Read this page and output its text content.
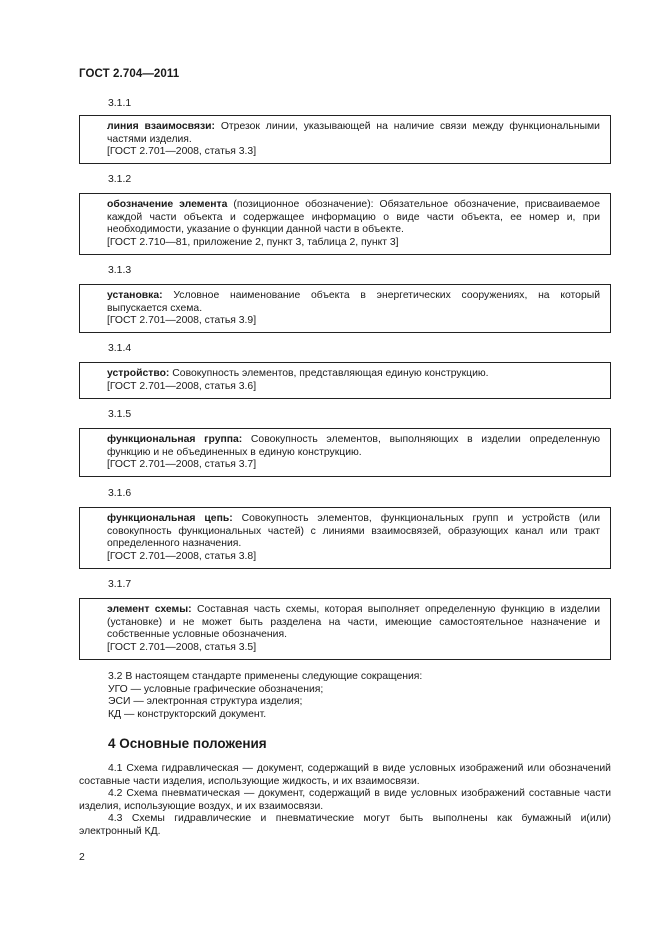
ГОСТ 2.704—2011
3.1.1

линия взаимосвязи: Отрезок линии, указывающей на наличие связи между функциональными частями изделия.

[ГОСТ 2.701—2008, статья 3.3]

3.1.2

обозначение элемента (позиционное обозначение): Обязательное обозначение, присваиваемое каждой части объекта и содержащее информацию о виде части объекта, ее номер и, при необходимости, указание о функции данной части в объекте.

[ГОСТ 2.710—81, приложение 2, пункт 3, таблица 2, пункт 3]

3.1.3

установка: Условное наименование объекта в энергетических сооружениях, на который выпускается схема.

[ГОСТ 2.701—2008, статья 3.9]

3.1.4

устройство: Совокупность элементов, представляющая единую конструкцию.

[ГОСТ 2.701—2008, статья 3.6]

3.1.5

функциональная группа: Совокупность элементов, выполняющих в изделии определенную функцию и не объединенных в единую конструкцию.

[ГОСТ 2.701—2008, статья 3.7]

3.1.6

функциональная цепь: Совокупность элементов, функциональных групп и устройств (или совокупность функциональных частей) с линиями взаимосвязей, образующих канал или тракт определенного назначения.

[ГОСТ 2.701—2008, статья 3.8]

3.1.7

элемент схемы: Составная часть схемы, которая выполняет определенную функцию в изделии (установке) и не может быть разделена на части, имеющие самостоятельное назначение и собственные условные обозначения.

[ГОСТ 2.701—2008, статья 3.5]

3.2 В настоящем стандарте применены следующие сокращения:

УГО — условные графические обозначения;

ЭСИ — электронная структура изделия;

КД — конструкторский документ.

4 Основные положения

4.1 Схема гидравлическая — документ, содержащий в виде условных изображений или обозначений составные части изделия, использующие жидкость, и их взаимосвязи.

4.2 Схема пневматическая — документ, содержащий в виде условных изображений составные части изделия, использующие воздух, и их взаимосвязи.

4.3 Схемы гидравлические и пневматические могут быть выполнены как бумажный и(или) электронный КД.

2
